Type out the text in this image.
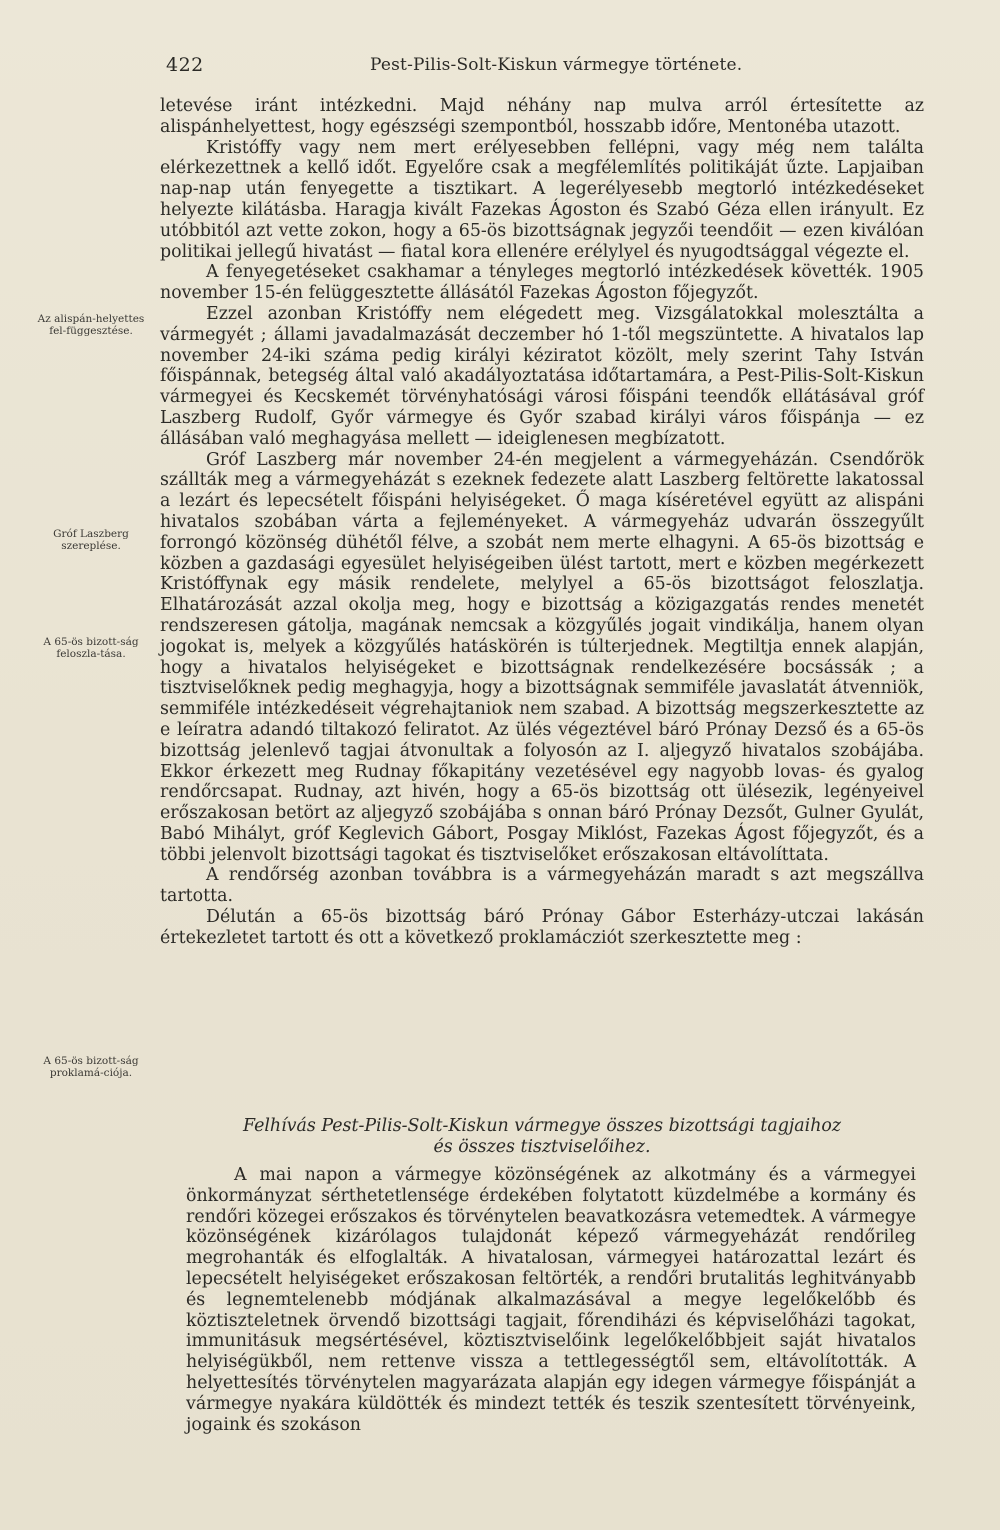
422	Pest-Pilis-Solt-Kiskun vármegye története.
Az alispán-helyettes fel-függesztése.
Gróf Laszberg szereplése.
A 65-ös bizott-ság feloszla-tása.
A 65-ös bizott-ság proklamá-ciója.

letevése iránt intézkedni. Majd néhány nap mulva arról értesítette az alispánhelyettest, hogy egészségi szempontból, hosszabb időre, Mentonéba utazott.

Kristóffy vagy nem mert erélyesebben fellépni, vagy még nem találta elérkezettnek a kellő időt. Egyelőre csak a megfélemlítés politikáját űzte. Lapjaiban nap-nap után fenyegette a tisztikart. A legerélyesebb megtorló intézkedéseket helyezte kilátásba. Haragja kivált Fazekas Ágoston és Szabó Géza ellen irányult. Ez utóbbitól azt vette zokon, hogy a 65-ös bizottságnak jegyzői teendőit — ezen kiválóan politikai jellegű hivatást — fiatal kora ellenére erélylyel és nyugodtsággal végezte el.

A fenyegetéseket csakhamar a tényleges megtorló intézkedések követték. 1905 november 15-én felüggesztette állásától Fazekas Ágoston főjegyzőt.

Ezzel azonban Kristóffy nem elégedett meg. Vizsgálatokkal molesztálta a vármegyét ; állami javadalmazását deczember hó 1-től megszüntette. A hivatalos lap november 24-iki száma pedig királyi kéziratot közölt, mely szerint Tahy István főispánnak, betegség által való akadályoztatása időtartamára, a Pest-Pilis-Solt-Kiskun vármegyei és Kecskemét törvényhatósági városi főispáni teendők ellátásával gróf Laszberg Rudolf, Győr vármegye és Győr szabad királyi város főispánja — ez állásában való meghagyása mellett — ideiglenesen megbízatott.

Gróf Laszberg már november 24-én megjelent a vármegyeházán. Csendőrök szállták meg a vármegyeházát s ezeknek fedezete alatt Laszberg feltörette lakatossal a lezárt és lepecsételt főispáni helyiségeket. Ő maga kíséretével együtt az alispáni hivatalos szobában várta a fejleményeket. A vármegyeház udvarán összegyűlt forrongó közönség dühétől félve, a szobát nem merte elhagyni. A 65-ös bizottság e közben a gazdasági egyesület helyiségeiben ülést tartott, mert e közben megérkezett Kristóffynak egy másik rendelete, melylyel a 65-ös bizottságot feloszlatja. Elhatározását azzal okolja meg, hogy e bizottság a közigazgatás rendes menetét rendszeresen gátolja, magának nemcsak a közgyűlés jogait vindikálja, hanem olyan jogokat is, melyek a közgyűlés hatáskörén is túlterjednek. Megtiltja ennek alapján, hogy a hivatalos helyiségeket e bizottságnak rendelkezésére bocsássák ; a tisztviselőknek pedig meghagyja, hogy a bizottságnak semmiféle javaslatát átvenniök, semmiféle intézkedéseit végrehajtaniok nem szabad. A bizottság megszerkesztette az e leíratra adandó tiltakozó feliratot. Az ülés végeztével báró Prónay Dezső és a 65-ös bizottság jelenlevő tagjai átvonultak a folyosón az I. aljegyző hivatalos szobájába. Ekkor érkezett meg Rudnay főkapitány vezetésével egy nagyobb lovas- és gyalog rendőrcsapat. Rudnay, azt hivén, hogy a 65-ös bizottság ott ülésezik, legényeivel erőszakosan betört az aljegyző szobájába s onnan báró Prónay Dezsőt, Gulner Gyulát, Babó Mihályt, gróf Keglevich Gábort, Posgay Miklóst, Fazekas Ágost főjegyzőt, és a többi jelenvolt bizottsági tagokat és tisztviselőket erőszakosan eltávolíttata.

A rendőrség azonban továbbra is a vármegyeházán maradt s azt megszállva tartotta.

Délután a 65-ös bizottság báró Prónay Gábor Esterházy-utczai lakásán értekezletet tartott és ott a következő proklamácziót szerkesztette meg :

Felhívás Pest-Pilis-Solt-Kiskun vármegye összes bizottsági tagjaihoz
és összes tisztviselőihez.

A mai napon a vármegye közönségének az alkotmány és a vármegyei önkormányzat sérthetetlensége érdekében folytatott küzdelmébe a kormány és rendőri közegei erőszakos és törvénytelen beavatkozásra vetemedtek. A vármegye közönségének kizárólagos tulajdonát képező vármegyeházát rendőrileg megrohanták és elfoglalták. A hivatalosan, vármegyei határozattal lezárt és lepecsételt helyiségeket erőszakosan feltörték, a rendőri brutalitás leghitványabb és legnemtelenebb módjának alkalmazásával a megye legelőkelőbb és köztiszteletnek örvendő bizottsági tagjait, főrendiházi és képviselőházi tagokat, immunitásuk megsértésével, köztisztviselőink legelőkelőbbjeit saját hivatalos helyiségükből, nem rettenve vissza a tettlegességtől sem, eltávolították. A helyettesítés törvénytelen magyarázata alapján egy idegen vármegye főispánját a vármegye nyakára küldötték és mindezt tették és teszik szentesített törvényeink, jogaink és szokáson
